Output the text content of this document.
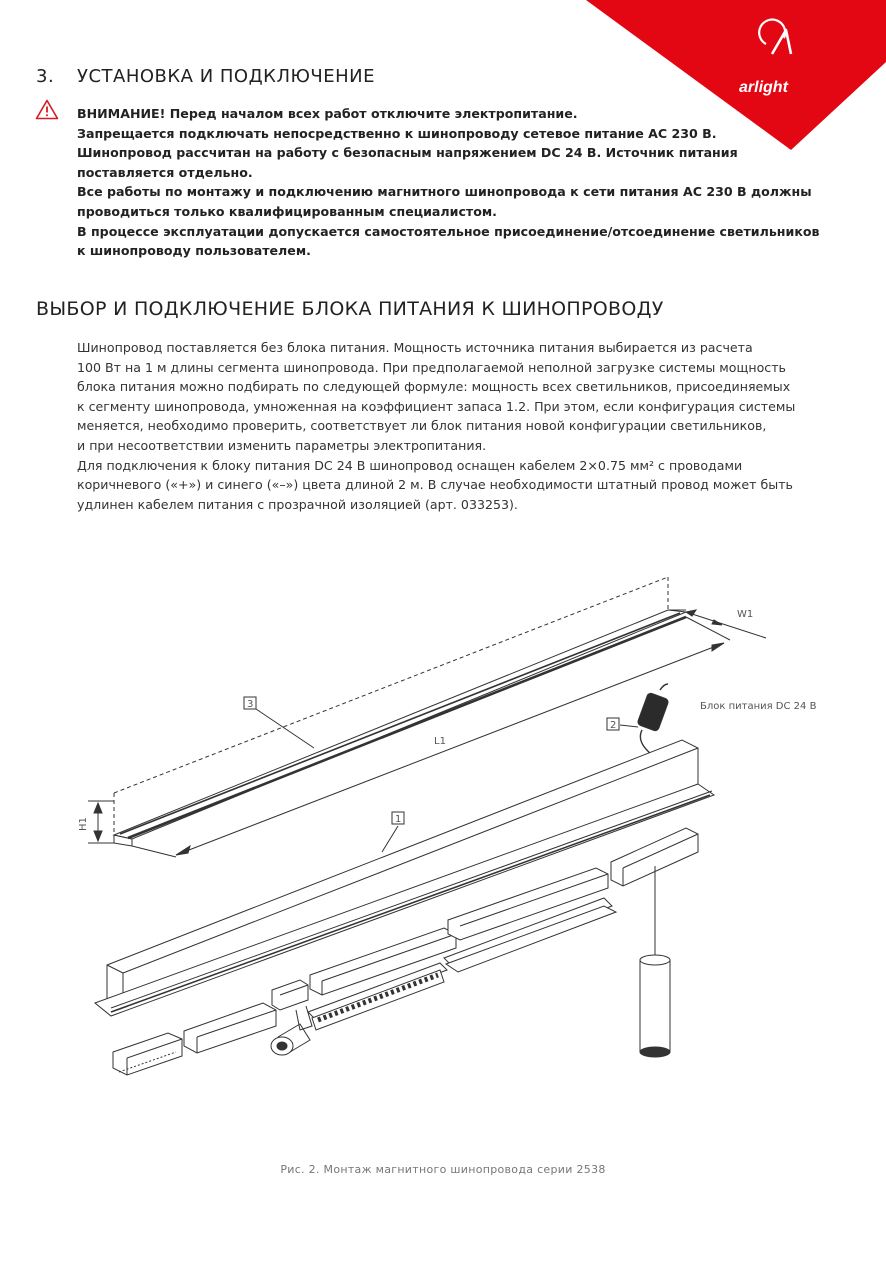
arlight
3. УСТАНОВКА И ПОДКЛЮЧЕНИЕ
ВНИМАНИЕ! Перед началом всех работ отключите электропитание.
Запрещается подключать непосредственно к шинопроводу сетевое питание AC 230 В.
Шинопровод рассчитан на работу с безопасным напряжением DC 24 В. Источник питания
поставляется отдельно.
Все работы по монтажу и подключению магнитного шинопровода к сети питания AC 230 В должны
проводиться только квалифицированным специалистом.
В процессе эксплуатации допускается самостоятельное присоединение/отсоединение светильников
к шинопроводу пользователем.
ВЫБОР И ПОДКЛЮЧЕНИЕ БЛОКА ПИТАНИЯ К ШИНОПРОВОДУ
Шинопровод поставляется без блока питания. Мощность источника питания выбирается из расчета
100 Вт на 1 м длины сегмента шинопровода. При предполагаемой неполной загрузке системы мощность
блока питания можно подбирать по следующей формуле: мощность всех светильников, присоединяемых
к сегменту шинопровода, умноженная на коэффициент запаса 1.2. При этом, если конфигурация системы
меняется, необходимо проверить, соответствует ли блок питания новой конфигурации светильников,
и при несоответствии изменить параметры электропитания.
Для подключения к блоку питания DC 24 В шинопровод оснащен кабелем 2×0.75 мм² с проводами
коричневого («+») и синего («–») цвета длиной 2 м. В случае необходимости штатный провод может быть
удлинен кабелем питания с прозрачной изоляцией (арт. 033253).
W1
L1
H1
Блок питания DC 24 В
3
2
1
Рис. 2. Монтаж магнитного шинопровода серии 2538
